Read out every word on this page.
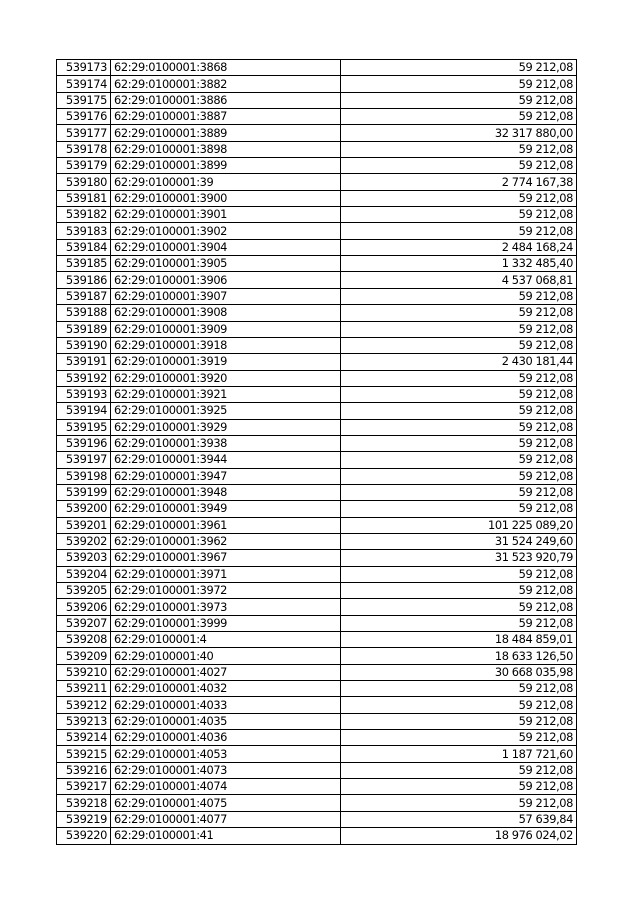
539173	62:29:0100001:3868	59 212,08
539174	62:29:0100001:3882	59 212,08
539175	62:29:0100001:3886	59 212,08
539176	62:29:0100001:3887	59 212,08
539177	62:29:0100001:3889	32 317 880,00
539178	62:29:0100001:3898	59 212,08
539179	62:29:0100001:3899	59 212,08
539180	62:29:0100001:39	2 774 167,38
539181	62:29:0100001:3900	59 212,08
539182	62:29:0100001:3901	59 212,08
539183	62:29:0100001:3902	59 212,08
539184	62:29:0100001:3904	2 484 168,24
539185	62:29:0100001:3905	1 332 485,40
539186	62:29:0100001:3906	4 537 068,81
539187	62:29:0100001:3907	59 212,08
539188	62:29:0100001:3908	59 212,08
539189	62:29:0100001:3909	59 212,08
539190	62:29:0100001:3918	59 212,08
539191	62:29:0100001:3919	2 430 181,44
539192	62:29:0100001:3920	59 212,08
539193	62:29:0100001:3921	59 212,08
539194	62:29:0100001:3925	59 212,08
539195	62:29:0100001:3929	59 212,08
539196	62:29:0100001:3938	59 212,08
539197	62:29:0100001:3944	59 212,08
539198	62:29:0100001:3947	59 212,08
539199	62:29:0100001:3948	59 212,08
539200	62:29:0100001:3949	59 212,08
539201	62:29:0100001:3961	101 225 089,20
539202	62:29:0100001:3962	31 524 249,60
539203	62:29:0100001:3967	31 523 920,79
539204	62:29:0100001:3971	59 212,08
539205	62:29:0100001:3972	59 212,08
539206	62:29:0100001:3973	59 212,08
539207	62:29:0100001:3999	59 212,08
539208	62:29:0100001:4	18 484 859,01
539209	62:29:0100001:40	18 633 126,50
539210	62:29:0100001:4027	30 668 035,98
539211	62:29:0100001:4032	59 212,08
539212	62:29:0100001:4033	59 212,08
539213	62:29:0100001:4035	59 212,08
539214	62:29:0100001:4036	59 212,08
539215	62:29:0100001:4053	1 187 721,60
539216	62:29:0100001:4073	59 212,08
539217	62:29:0100001:4074	59 212,08
539218	62:29:0100001:4075	59 212,08
539219	62:29:0100001:4077	57 639,84
539220	62:29:0100001:41	18 976 024,02
